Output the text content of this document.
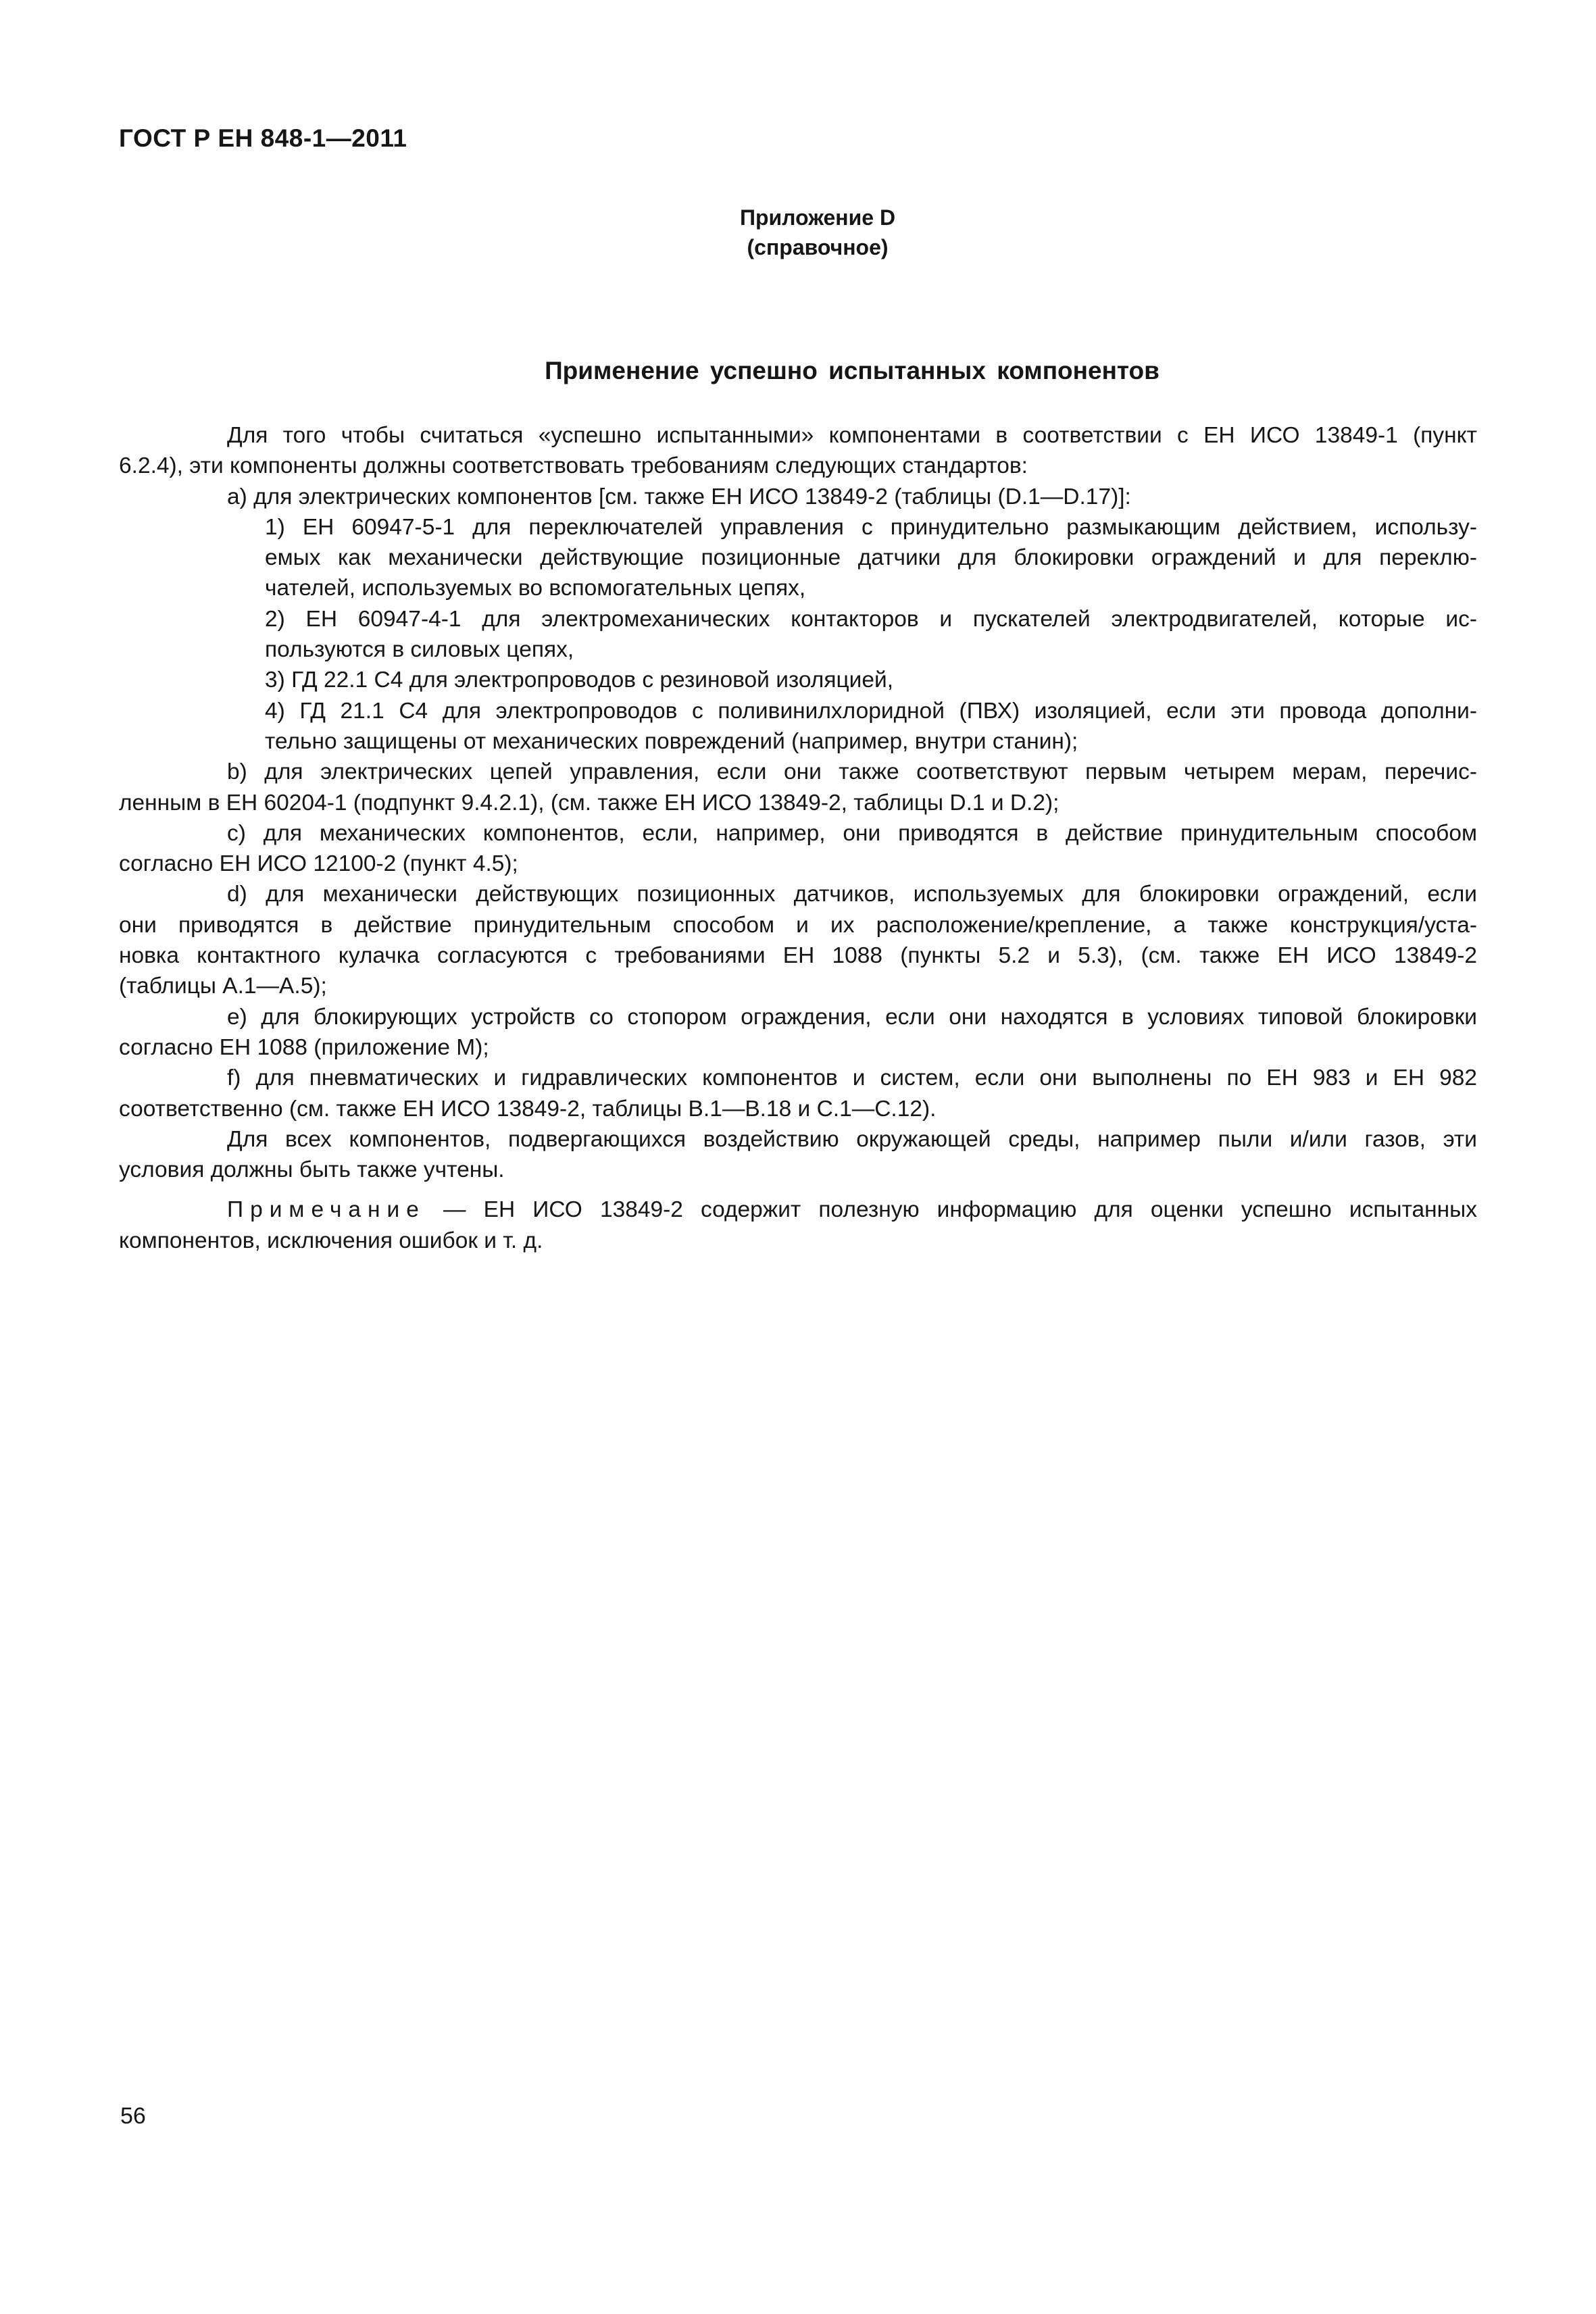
ГОСТ Р ЕН 848-1—2011
Приложение D
(справочное)
Применение успешно испытанных компонентов
Для того чтобы считаться «успешно испытанными» компонентами в соответствии с ЕН ИСО 13849-1 (пункт
6.2.4), эти компоненты должны соответствовать требованиям следующих стандартов:
а) для электрических компонентов [см. также ЕН ИСО 13849-2 (таблицы (D.1—D.17)]:
1) ЕН 60947-5-1 для переключателей управления с принудительно размыкающим действием, использу-
емых как механически действующие позиционные датчики для блокировки ограждений и для переклю-
чателей, используемых во вспомогательных цепях,
2) ЕН 60947-4-1 для электромеханических контакторов и пускателей электродвигателей, которые ис-
пользуются в силовых цепях,
3) ГД 22.1 С4 для электропроводов с резиновой изоляцией,
4) ГД 21.1 С4 для электропроводов с поливинилхлоридной (ПВХ) изоляцией, если эти провода дополни-
тельно защищены от механических повреждений (например, внутри станин);
b) для электрических цепей управления, если они также соответствуют первым четырем мерам, перечис-
ленным в ЕН 60204-1 (подпункт 9.4.2.1), (см. также ЕН ИСО 13849-2, таблицы D.1 и D.2);
с) для механических компонентов, если, например, они приводятся в действие принудительным способом
согласно ЕН ИСО 12100-2 (пункт 4.5);
d) для механически действующих позиционных датчиков, используемых для блокировки ограждений, если
они приводятся в действие принудительным способом и их расположение/крепление, а также конструкция/уста-
новка контактного кулачка согласуются с требованиями ЕН 1088 (пункты 5.2 и 5.3), (см. также ЕН ИСО 13849-2
(таблицы А.1—А.5);
е) для блокирующих устройств со стопором ограждения, если они находятся в условиях типовой блокировки
согласно ЕН 1088 (приложение М);
f) для пневматических и гидравлических компонентов и систем, если они выполнены по ЕН 983 и ЕН 982
соответственно (см. также ЕН ИСО 13849-2, таблицы В.1—В.18 и С.1—С.12).
Для всех компонентов, подвергающихся воздействию окружающей среды, например пыли и/или газов, эти
условия должны быть также учтены.
Примечание — ЕН ИСО 13849-2 содержит полезную информацию для оценки успешно испытанных
компонентов, исключения ошибок и т. д.
56
